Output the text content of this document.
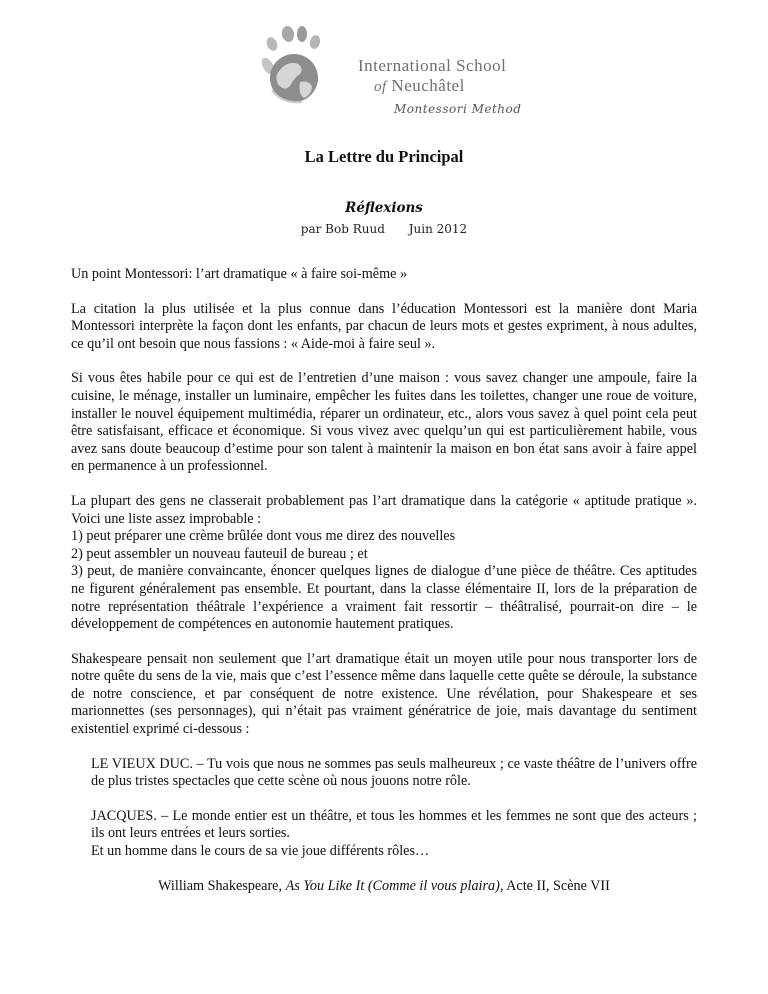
International School
of Neuchâtel
Montessori Method
La Lettre du Principal
Réflexions
par Bob Ruud Juin 2012

Un point Montessori: l’art dramatique « à faire soi-même »

La citation la plus utilisée et la plus connue dans l’éducation Montessori est la manière dont Maria Montessori interprète la façon dont les enfants, par chacun de leurs mots et gestes expriment, à nous adultes, ce qu’il ont besoin que nous fassions : « Aide-moi à faire seul ».

Si vous êtes habile pour ce qui est de l’entretien d’une maison : vous savez changer une ampoule, faire la cuisine, le ménage, installer un luminaire, empêcher les fuites dans les toilettes, changer une roue de voiture, installer le nouvel équipement multimédia, réparer un ordinateur, etc., alors vous savez à quel point cela peut être satisfaisant, efficace et économique. Si vous vivez avec quelqu’un qui est particulièrement habile, vous avez sans doute beaucoup d’estime pour son talent à maintenir la maison en bon état sans avoir à faire appel en permanence à un professionnel.

La plupart des gens ne classerait probablement pas l’art dramatique dans la catégorie « aptitude pratique ». Voici une liste assez improbable :
1) peut préparer une crème brûlée dont vous me direz des nouvelles
2) peut assembler un nouveau fauteuil de bureau ; et
3) peut, de manière convaincante, énoncer quelques lignes de dialogue d’une pièce de théâtre. Ces aptitudes ne figurent généralement pas ensemble. Et pourtant, dans la classe élémentaire II, lors de la préparation de notre représentation théâtrale l’expérience a vraiment fait ressortir – théâtralisé, pourrait-on dire – le développement de compétences en autonomie hautement pratiques.

Shakespeare pensait non seulement que l’art dramatique était un moyen utile pour nous transporter lors de notre quête du sens de la vie, mais que c’est l’essence même dans laquelle cette quête se déroule, la substance de notre conscience, et par conséquent de notre existence. Une révélation, pour Shakespeare et ses marionnettes (ses personnages), qui n’était pas vraiment génératrice de joie, mais davantage du sentiment existentiel exprimé ci-dessous :

LE VIEUX DUC. – Tu vois que nous ne sommes pas seuls malheureux ; ce vaste théâtre de l’univers offre de plus tristes spectacles que cette scène où nous jouons notre rôle.

JACQUES. – Le monde entier est un théâtre, et tous les hommes et les femmes ne sont que des acteurs ; ils ont leurs entrées et leurs sorties.
Et un homme dans le cours de sa vie joue différents rôles…

William Shakespeare, As You Like It (Comme il vous plaira), Acte II, Scène VII
